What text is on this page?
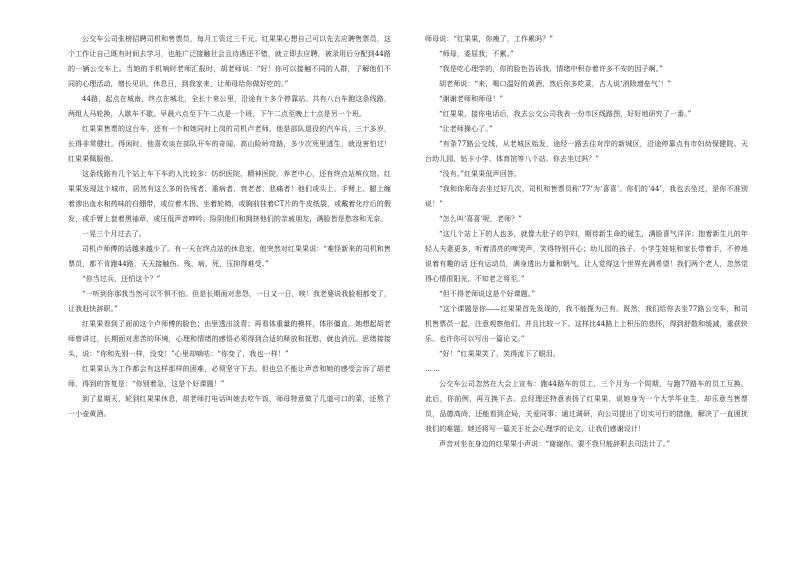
公交车公司张榜招聘司机和售票员，每月工资过三千元。红果果心想自己可以先去应聘售票员，这个工作让自己既有时间去学习，也能广泛接触社会且待遇还不错，就立即去应聘，被录用后分配到44路的一辆公交车上。当她的手机响时老师汇报时，胡老师说：“好！你可以接触不同的人群，了解他们不同的心理活动，增长见识。休息日，到我家来，让师母给你做好吃的。”

44路，起点在城南，终点在城北，全长十来公里，沿途有十多个停靠站。共有八台车跑这条线路，两组人马轮换，人歇车不歇。早晨六点至下午二点是一个班，下午二点至晚上十点是另一个班。

红果果售票的这台车，还有一个和她同时上岗的司机卢老师。他是部队退役的汽车兵，三十多岁，长得非常健壮。得闲时，他喜欢谈在部队开车的奇闻，高山险岭弯路，多少次死里逃生，就没害怕过！红果果佩服他。

这条线路有几个站上车下车的人比较多：纺织医院、精神医院、养老中心，还有终点站殡仪馆。红果果发现这个城市，居然有这么多的伤残者、重病者、衰老者、悲痛者！他们或头上、手臂上、腿上缠着渗出血水和药味的白绷带，或位着木拐、坐着轮椅，或胸前挂着CT片的牛皮纸袋，或戴着化疗后的假发，或手臂上套着黑袖章，或压低声音呻吟。险阴他们和拥挤他们的亲戚朋友，满脸皆是愁容和无奈。

一晃三个月过去了。

司机卢师傅的话越来越少了。有一天在终点站的休息室，他突然对红果果说：“难怪新来的司机和售票员，都不肯跑44路，天天接触伤、残、病、死，压抑得难受。”

“你当过兵，还怕这个？”

“一听到你那我当然可以不惧不怕。但是长期面对悲怨，一日又一日，唉！我老婆说我脸相都变了，让我赶快辞职。”

红果果看到了面前这个卢师傅的脸色；由里透出淡青；再看体重量的模样，体形僵直。她想起胡老师曾讲过，长期面对悲苦的环境，心理和情绪的感悟必须得到合适的释放和抚慰，就也消沉。思绪接接头，说：“你和先别一样，没变！”心里却嘀咕：“你变了，我也一样！”

红果果认为工作都会有这样那样的困难，必须坚守下去。但也总不能让声音和她的感受会诉了胡老师，得到的答复是：“你别着急，这是个好课题！”

到了星期天，轮到红果果休息，胡老师打电话叫她去吃午饭，师母特意做了几道可口的菜，还熬了一小壶黄酒。

师母说：“红果果，你瘦了，工作累吗？”

“师母，委屈我，不累。”

“我是吃心理学的，你的脸色告诉我，情绪中积存着许多不安的因子啊。”

胡老师说：“来，喝口温好的黄酒，然后你多吃菜，古人说‘消除增垒气’！”

“谢谢老师和师母！”

“红果果，接你电话后，我去公交公司我表一份市区线路图，好好地研究了一番。”

“让老师操心了。”

“有条77路公交线，从老城区始发，途经一路去往对岸的新城区，沿途停靠点有市妇幼保健院、天台幼儿园、钻卡小学、体育馆等八个站。你去坐过吗？”

“没有。”红果果低声回答。

“我和你师母去坐过好几次，司机和售票员称‘77’为‘喜喜’。你们的‘44’，我也去坐过，是你不准别说！”

“怎么叫‘喜喜’呢，老师？”

“这几个站上下的人也多，就像大肚子的孕妇，期待新生命的诞生，满脸喜气洋洋；抱着新生儿的年轻人夫妻更多，听着清亮的啼哭声，笑得特别开心；幼儿园的孩子、小学生娃娃和家长带着手，不停地说着有趣的话 还有运动员，满身透出力量和朝气。让人觉得这个世界充满希望！我们两个老人，忽然觉得心情很阳光，不知老之将至。”

“但不得老师说这是个好课题。”

“这个课题是你——红果果首先发现的，我不能揽为己有。既然，我们给你去坐77路公交车，和司机售票员一起，注意观察他们。并且比较一下。这样比44路上上积压的悲怀，得到舒散和缓减，重获快乐。也许你可以写出一篇论文。”

“好！”红果果笑了，笑得流下了眼泪。

……

公交车公司忽然在大会上宣布：跑44路车的员工，三个月为一个周期，与跑77路车的员工互换。此后，你前例，再互换下去。总经理还特意表扬了红果果，说她身为一个大学毕业生，却乐意当售票员，品德高尚，还能看到企局，关爱同事；通过调研，向公司提出了切实可行的措施，解决了一直困扰我们的难题。她还将写一篇关于社会心理学的论文，让我们感谢设计！

声音对坐在身边的红果果小声说：“谢谢你。要不我只能辞职去司法计了。”
